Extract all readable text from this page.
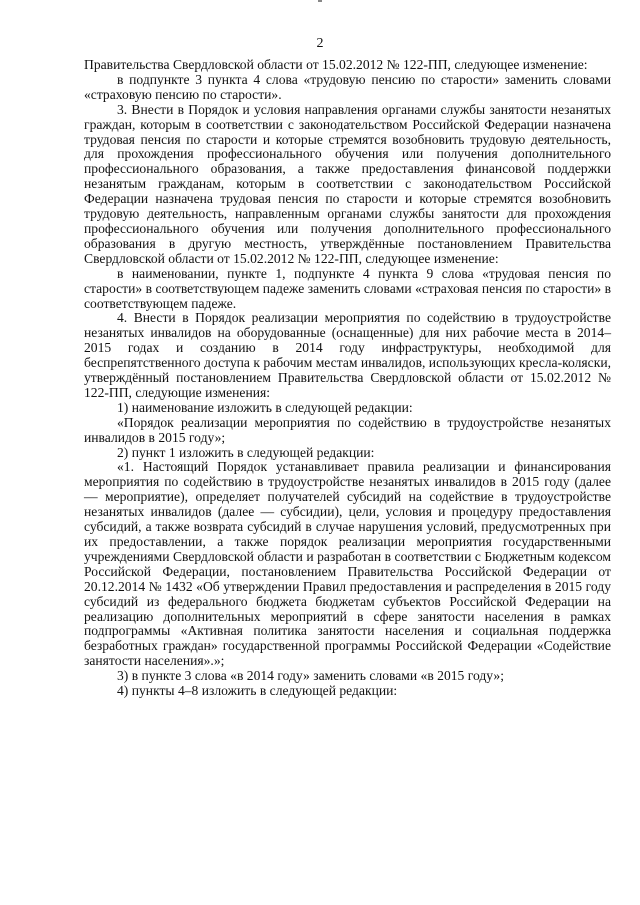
2

Правительства Свердловской области от 15.02.2012 № 122-ПП, следующее изменение:

в подпункте 3 пункта 4 слова «трудовую пенсию по старости» заменить словами «страховую пенсию по старости».

3. Внести в Порядок и условия направления органами службы занятости незанятых граждан, которым в соответствии с законодательством Российской Федерации назначена трудовая пенсия по старости и которые стремятся возобновить трудовую деятельность, для прохождения профессионального обучения или получения дополнительного профессионального образования, а также предоставления финансовой поддержки незанятым гражданам, которым в соответствии с законодательством Российской Федерации назначена трудовая пенсия по старости и которые стремятся возобновить трудовую деятельность, направленным органами службы занятости для прохождения профессионального обучения или получения дополнительного профессионального образования в другую местность, утверждённые постановлением Правительства Свердловской области от 15.02.2012 № 122-ПП, следующее изменение:

в наименовании, пункте 1, подпункте 4 пункта 9 слова «трудовая пенсия по старости» в соответствующем падеже заменить словами «страховая пенсия по старости» в соответствующем падеже.

4. Внести в Порядок реализации мероприятия по содействию в трудоустройстве незанятых инвалидов на оборудованные (оснащенные) для них рабочие места в 2014–2015 годах и созданию в 2014 году инфраструктуры, необходимой для беспрепятственного доступа к рабочим местам инвалидов, использующих кресла-коляски, утверждённый постановлением Правительства Свердловской области от 15.02.2012 № 122-ПП, следующие изменения:

1) наименование изложить в следующей редакции:

«Порядок реализации мероприятия по содействию в трудоустройстве незанятых инвалидов в 2015 году»;

2) пункт 1 изложить в следующей редакции:

«1. Настоящий Порядок устанавливает правила реализации и финансирования мероприятия по содействию в трудоустройстве незанятых инвалидов в 2015 году (далее — мероприятие), определяет получателей субсидий на содействие в трудоустройстве незанятых инвалидов (далее — субсидии), цели, условия и процедуру предоставления субсидий, а также возврата субсидий в случае нарушения условий, предусмотренных при их предоставлении, а также порядок реализации мероприятия государственными учреждениями Свердловской области и разработан в соответствии с Бюджетным кодексом Российской Федерации, постановлением Правительства Российской Федерации от 20.12.2014 № 1432 «Об утверждении Правил предоставления и распределения в 2015 году субсидий из федерального бюджета бюджетам субъектов Российской Федерации на реализацию дополнительных мероприятий в сфере занятости населения в рамках подпрограммы «Активная политика занятости населения и социальная поддержка безработных граждан» государственной программы Российской Федерации «Содействие занятости населения».»;

3) в пункте 3 слова «в 2014 году» заменить словами «в 2015 году»;

4) пункты 4–8 изложить в следующей редакции:
